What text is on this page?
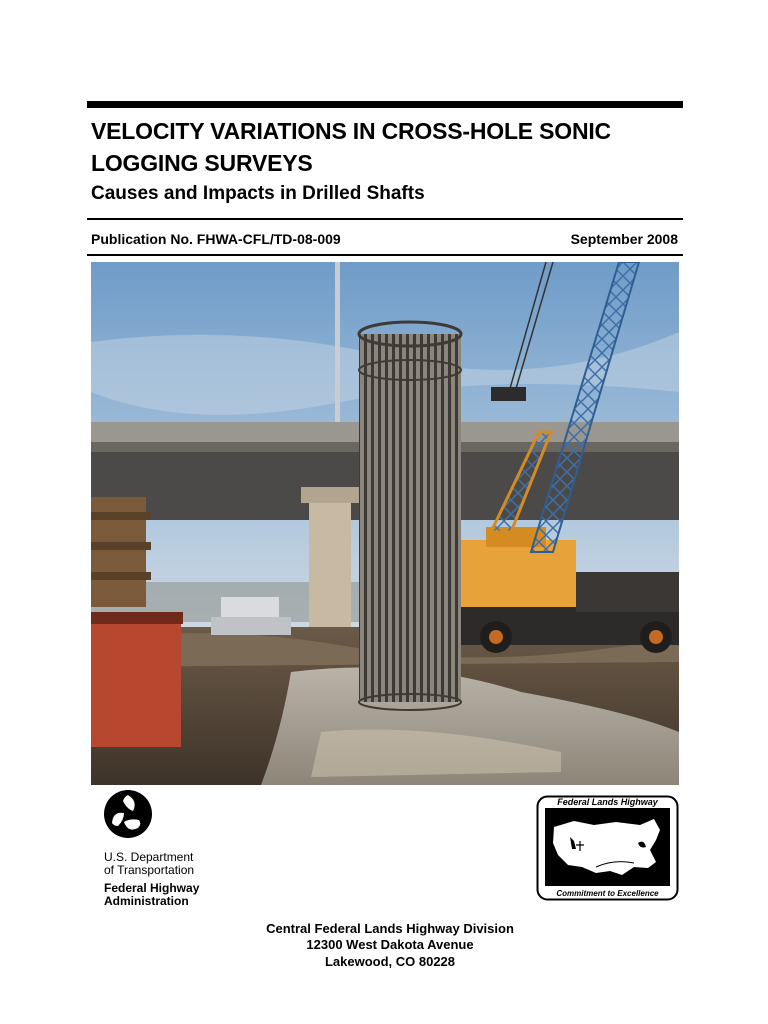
VELOCITY VARIATIONS IN CROSS-HOLE SONIC
LOGGING SURVEYS
Causes and Impacts in Drilled Shafts
Publication No. FHWA-CFL/TD-08-009	September 2008
U.S. Department
of Transportation
Federal Highway
Administration
Federal Lands Highway
Commitment to Excellence
Central Federal Lands Highway Division
12300 West Dakota Avenue
Lakewood, CO 80228
